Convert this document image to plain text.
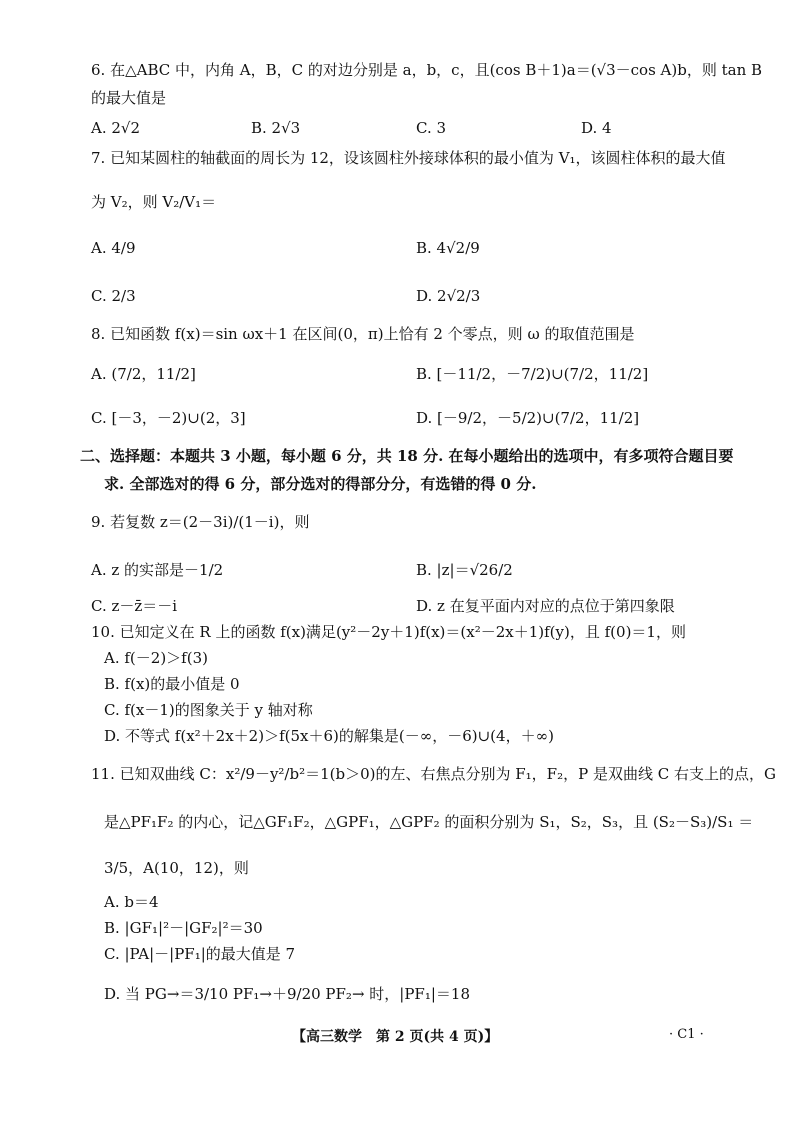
6. 在△ABC 中，内角 A，B，C 的对边分别是 a，b，c，且(cos B＋1)a＝(√3－cos A)b，则 tan B
的最大值是
A. 2√2	B. 2√3	C. 3	D. 4
7. 已知某圆柱的轴截面的周长为 12，设该圆柱外接球体积的最小值为 V₁，该圆柱体积的最大值
为 V₂，则 V₂/V₁＝
A. 4/9	B. 4√2/9
C. 2/3	D. 2√2/3
8. 已知函数 f(x)＝sin ωx＋1 在区间(0，π)上恰有 2 个零点，则 ω 的取值范围是
A. (7/2，11/2]	B. [－11/2，－7/2)∪(7/2，11/2]
C. [－3，－2)∪(2，3]	D. [－9/2，－5/2)∪(7/2，11/2]
二、选择题：本题共 3 小题，每小题 6 分，共 18 分. 在每小题给出的选项中，有多项符合题目要
求. 全部选对的得 6 分，部分选对的得部分分，有选错的得 0 分.
9. 若复数 z＝(2－3i)/(1－i)，则
A. z 的实部是－1/2	B. |z|＝√26/2
C. z－z̄＝－i	D. z 在复平面内对应的点位于第四象限
10. 已知定义在 R 上的函数 f(x)满足(y²－2y＋1)f(x)＝(x²－2x＋1)f(y)，且 f(0)＝1，则
A. f(－2)＞f(3)
B. f(x)的最小值是 0
C. f(x－1)的图象关于 y 轴对称
D. 不等式 f(x²＋2x＋2)＞f(5x＋6)的解集是(－∞，－6)∪(4，＋∞)
11. 已知双曲线 C：x²/9－y²/b²＝1(b＞0)的左、右焦点分别为 F₁，F₂，P 是双曲线 C 右支上的点，G
是△PF₁F₂ 的内心，记△GF₁F₂，△GPF₁，△GPF₂ 的面积分别为 S₁，S₂，S₃，且 (S₂－S₃)/S₁ ＝
3/5，A(10，12)，则
A. b＝4
B. |GF₁|²－|GF₂|²＝30
C. |PA|－|PF₁|的最大值是 7
D. 当 PG→＝3/10 PF₁→＋9/20 PF₂→ 时，|PF₁|＝18
【高三数学　第 2 页(共 4 页)】	· C1 ·
